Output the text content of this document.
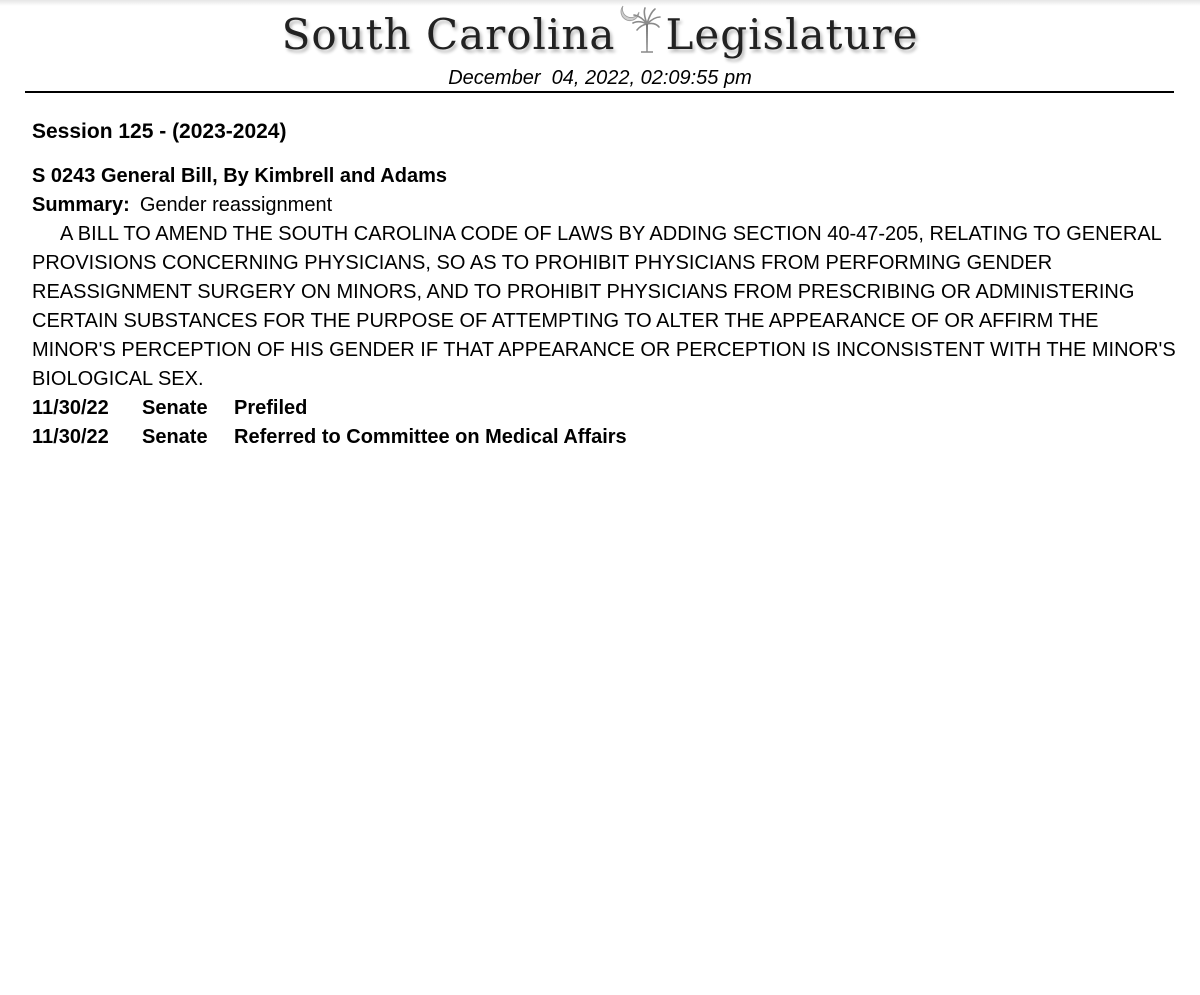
South Carolina Legislature
December  04, 2022, 02:09:55 pm
Session 125 - (2023-2024)
S 0243 General Bill, By Kimbrell and Adams
Summary: Gender reassignment

A BILL TO AMEND THE SOUTH CAROLINA CODE OF LAWS BY ADDING SECTION 40-47-205, RELATING TO GENERAL PROVISIONS CONCERNING PHYSICIANS, SO AS TO PROHIBIT PHYSICIANS FROM PERFORMING GENDER REASSIGNMENT SURGERY ON MINORS, AND TO PROHIBIT PHYSICIANS FROM PRESCRIBING OR ADMINISTERING CERTAIN SUBSTANCES FOR THE PURPOSE OF ATTEMPTING TO ALTER THE APPEARANCE OF OR AFFIRM THE MINOR'S PERCEPTION OF HIS GENDER IF THAT APPEARANCE OR PERCEPTION IS INCONSISTENT WITH THE MINOR'S BIOLOGICAL SEX.

11/30/22	Senate	Prefiled
11/30/22	Senate	Referred to Committee on Medical Affairs
